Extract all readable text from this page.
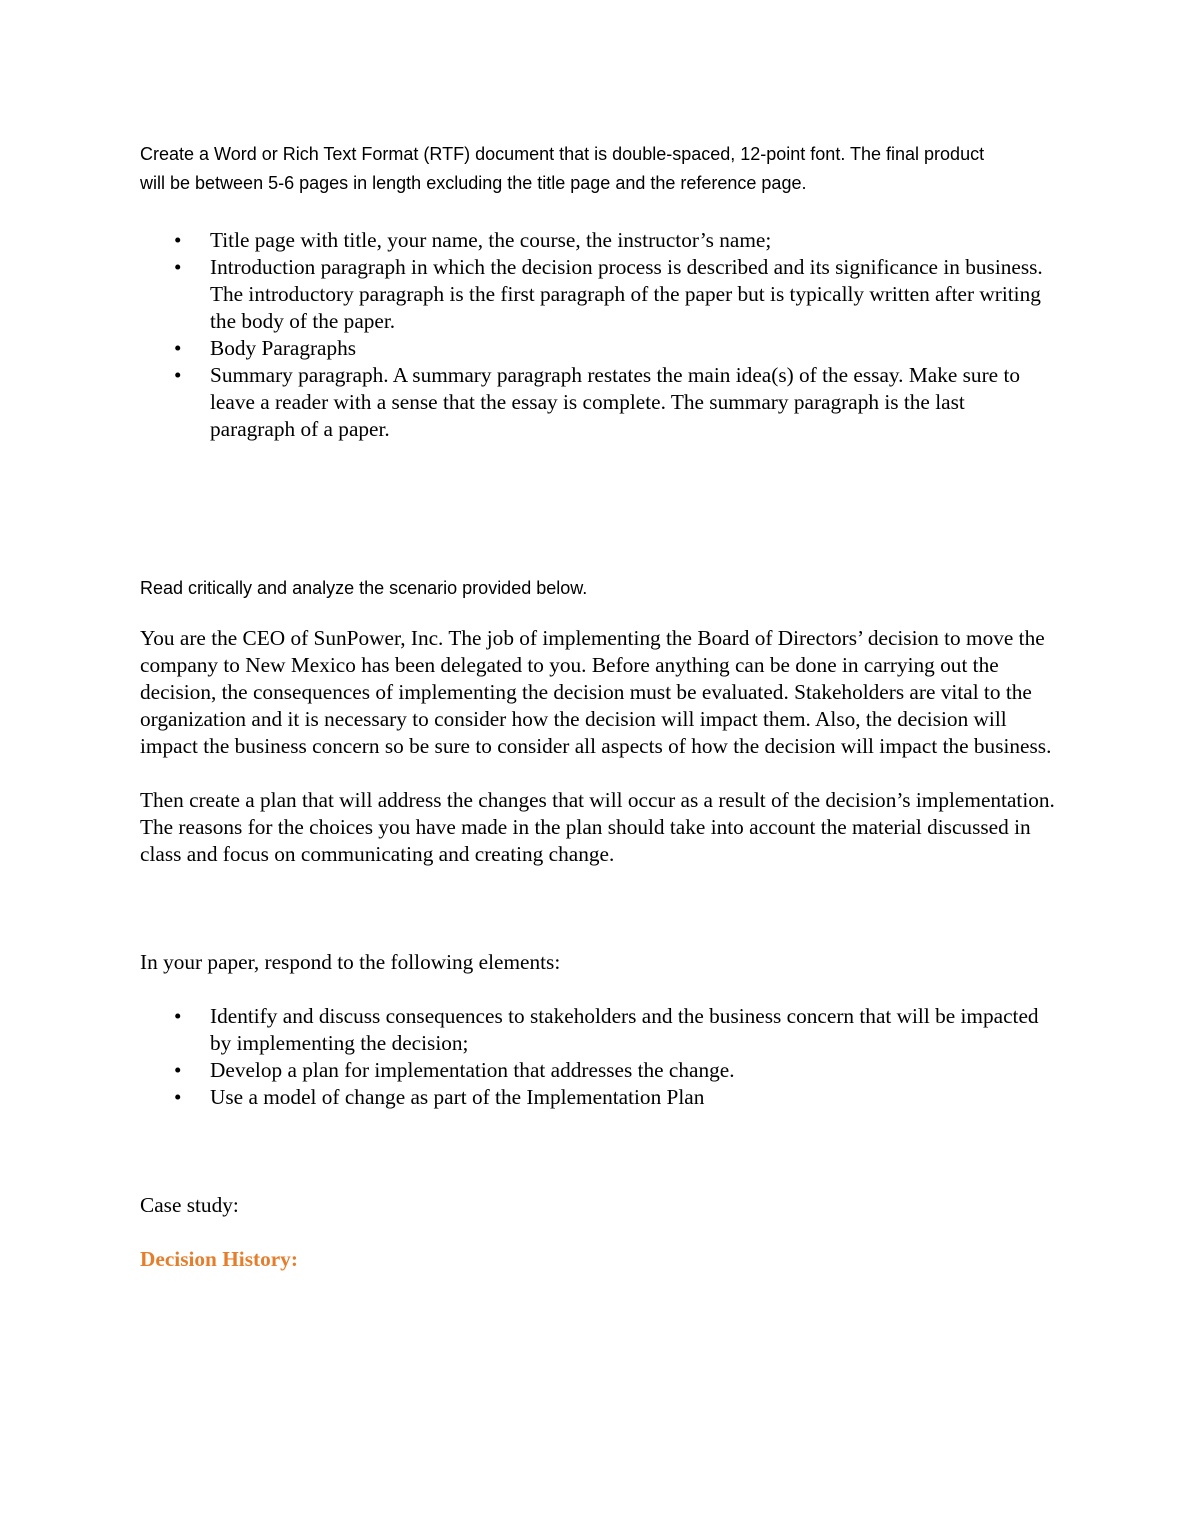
Create a Word or Rich Text Format (RTF) document that is double-spaced, 12-point font. The final product will be between 5-6 pages in length excluding the title page and the reference page.

• Title page with title, your name, the course, the instructor’s name;
• Introduction paragraph in which the decision process is described and its significance in business. The introductory paragraph is the first paragraph of the paper but is typically written after writing the body of the paper.
• Body Paragraphs
• Summary paragraph. A summary paragraph restates the main idea(s) of the essay. Make sure to leave a reader with a sense that the essay is complete. The summary paragraph is the last paragraph of a paper.

Read critically and analyze the scenario provided below.

You are the CEO of SunPower, Inc. The job of implementing the Board of Directors’ decision to move the company to New Mexico has been delegated to you. Before anything can be done in carrying out the decision, the consequences of implementing the decision must be evaluated. Stakeholders are vital to the organization and it is necessary to consider how the decision will impact them. Also, the decision will impact the business concern so be sure to consider all aspects of how the decision will impact the business.

Then create a plan that will address the changes that will occur as a result of the decision’s implementation. The reasons for the choices you have made in the plan should take into account the material discussed in class and focus on communicating and creating change.

In your paper, respond to the following elements:

• Identify and discuss consequences to stakeholders and the business concern that will be impacted by implementing the decision;
• Develop a plan for implementation that addresses the change.
• Use a model of change as part of the Implementation Plan

Case study:

Decision History:
